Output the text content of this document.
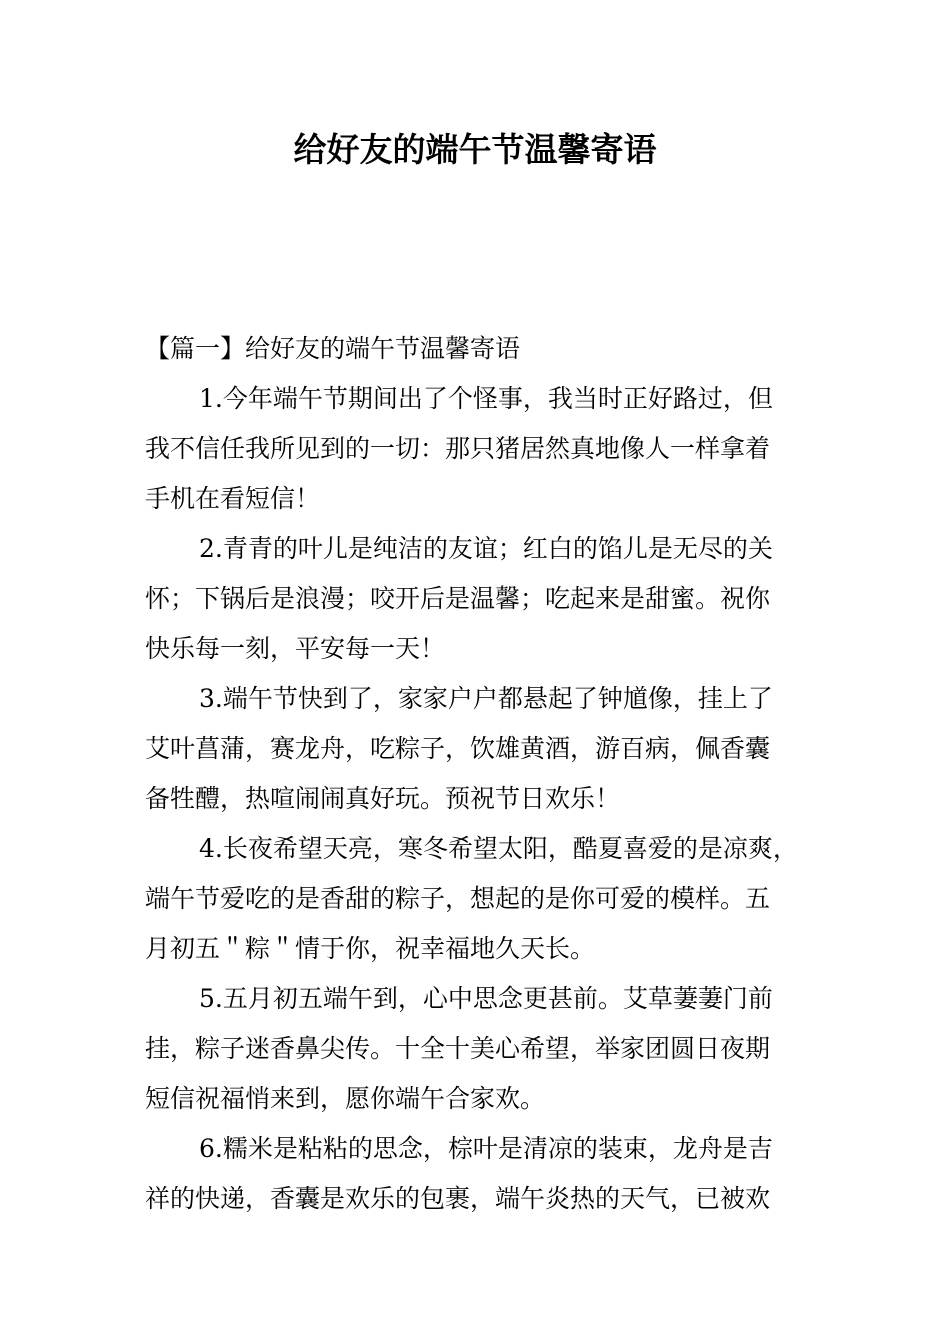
给好友的端午节温馨寄语
【篇一】给好友的端午节温馨寄语
1.今年端午节期间出了个怪事，我当时正好路过，但
我不信任我所见到的一切：那只猪居然真地像人一样拿着
手机在看短信！
2.青青的叶儿是纯洁的友谊；红白的馅儿是无尽的关
怀；下锅后是浪漫；咬开后是温馨；吃起来是甜蜜。祝你
快乐每一刻，平安每一天！
3.端午节快到了，家家户户都悬起了钟馗像，挂上了
艾叶菖蒲，赛龙舟，吃粽子，饮雄黄酒，游百病，佩香囊
备牲醴，热喧闹闹真好玩。预祝节日欢乐！
4.长夜希望天亮，寒冬希望太阳，酷夏喜爱的是凉爽，
端午节爱吃的是香甜的粽子，想起的是你可爱的模样。五
月初五＂粽＂情于你，祝幸福地久天长。
5.五月初五端午到，心中思念更甚前。艾草萋萋门前
挂，粽子迷香鼻尖传。十全十美心希望，举家团圆日夜期
短信祝福悄来到，愿你端午合家欢。
6.糯米是粘粘的思念，棕叶是清凉的装束，龙舟是吉
祥的快递，香囊是欢乐的包裹，端午炎热的天气，已被欢
